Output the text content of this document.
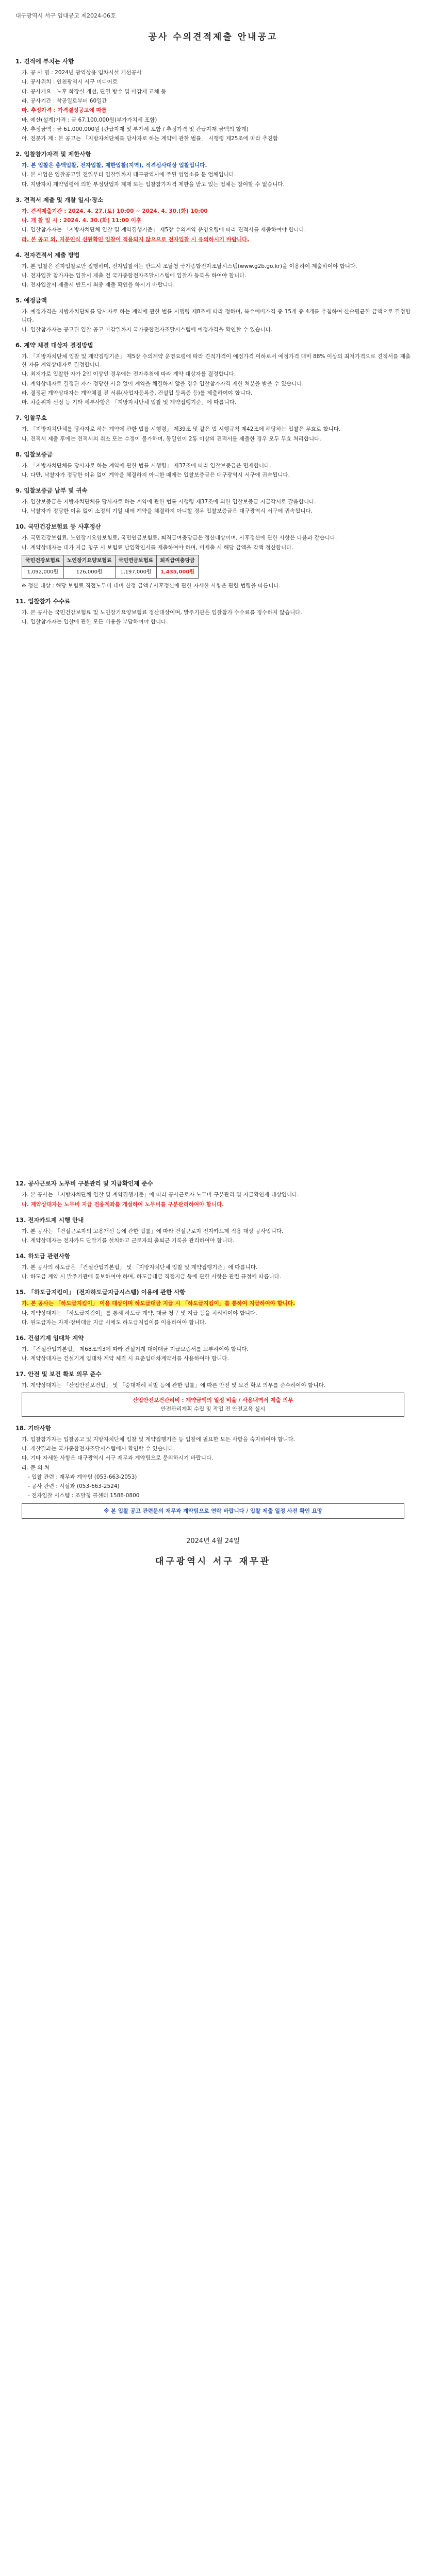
대구광역시 서구 임대공고 제2024-06호
공사 수의견적제출 안내공고
1. 견적에 부치는 사항
가. 공 사 명 : 2024년 광역상용 임차시설 개선공사
나. 공사위치 : 인천광역시 서구 미디어로
다. 공사개요 : 노후 화장실 개선, 단열 방수 및 마감재 교체 등
라. 공사기간 : 착공일로부터 60일간
마. 추정가격 : 가격결정공고에 따름
바. 예산(설계)가격 : 금 67,100,000원(부가가치세 포함)
사. 추정금액 : 금 61,000,000원 (관급자재 및 부가세 포함 / 추정가격 및 관급자재 금액의 합계)
아. 전문가 계 : 본 공고는 「지방자치단체를 당사자로 하는 계약에 관한 법률」 시행령 제25조에 따라 추진함
2. 입찰참가자격 및 제한사항
가. 본 입찰은 총액입찰, 전자입찰, 제한입찰(지역), 적격심사대상 입찰입니다.
나. 본 사업은 입찰공고일 전일부터 입찰일까지 대구광역시에 주된 영업소를 둔 업체입니다.
다. 지방자치 계약법령에 의한 부정당업자 제재 또는 입찰참가자격 제한을 받고 있는 업체는 참여할 수 없습니다.
3. 견적서 제출 및 개찰 일시·장소
가. 견적제출기간 : 2024. 4. 27.(토) 10:00 ~ 2024. 4. 30.(화) 10:00
나. 개 찰 일 시 : 2024. 4. 30.(화) 11:00 이후
다. 입찰참가자는 「지방자치단체 입찰 및 계약집행기준」 제5장 수의계약 운영요령에 따라 견적서를 제출하여야 합니다.
라. 본 공고 외, 지문인식 신원확인 입찰이 적용되지 않으므로 전자입찰 시 유의하시기 바랍니다.
4. 전자견적서 제출 방법
가. 본 입찰은 전자입찰로만 집행하며, 전자입찰서는 반드시 조달청 국가종합전자조달시스템(www.g2b.go.kr)을 이용하여 제출하여야 합니다.
나. 전자입찰 참가자는 입찰서 제출 전 국가종합전자조달시스템에 입찰자 등록을 하여야 합니다.
다. 전자입찰서 제출시 반드시 최종 제출 확인을 하시기 바랍니다.
5. 예정금액
가. 예정가격은 지방자치단체를 당사자로 하는 계약에 관한 법률 시행령 제8조에 따라 정하며, 복수예비가격 중 15개 중 4개를 추첨하여 산술평균한 금액으로 결정합니다.
나. 입찰참가자는 공고된 입찰 공고 마감일까지 국가종합전자조달시스템에 예정가격을 확인할 수 있습니다.
6. 계약 체결 대상자 결정방법
가. 「지방자치단체 입찰 및 계약집행기준」 제5장 수의계약 운영요령에 따라 견적가격이 예정가격 이하로서 예정가격 대비 88% 이상의 최저가격으로 견적서를 제출한 자를 계약상대자로 결정합니다.
나. 최저가로 입찰한 자가 2인 이상인 경우에는 전자추첨에 따라 계약 대상자를 결정합니다.
다. 계약상대자로 결정된 자가 정당한 사유 없이 계약을 체결하지 않을 경우 입찰참가자격 제한 처분을 받을 수 있습니다.
라. 결정된 계약상대자는 계약체결 전 서류(사업자등록증, 건설업 등록증 등)를 제출하여야 합니다.
마. 차순위자 선정 등 기타 세부사항은 「지방자치단체 입찰 및 계약집행기준」에 따릅니다.
7. 입찰무효
가. 「지방자치단체를 당사자로 하는 계약에 관한 법률 시행령」 제39조 및 같은 법 시행규칙 제42조에 해당하는 입찰은 무효로 합니다.
나. 견적서 제출 후에는 견적서의 취소 또는 수정이 불가하며, 동일인이 2통 이상의 견적서를 제출한 경우 모두 무효 처리합니다.
8. 입찰보증금
가. 「지방자치단체를 당사자로 하는 계약에 관한 법률 시행령」 제37조에 따라 입찰보증금은 면제합니다.
나. 다만, 낙찰자가 정당한 이유 없이 계약을 체결하지 아니한 때에는 입찰보증금은 대구광역시 서구에 귀속됩니다.
9. 입찰보증금 납부 및 귀속
가. 입찰보증금은 지방자치단체를 당사자로 하는 계약에 관한 법률 시행령 제37조에 의한 입찰보증금 지급각서로 갈음합니다.
나. 낙찰자가 정당한 이유 없이 소정의 기일 내에 계약을 체결하지 아니할 경우 입찰보증금은 대구광역시 서구에 귀속됩니다.
10. 국민건강보험료 등 사후정산
가. 국민건강보험료, 노인장기요양보험료, 국민연금보험료, 퇴직급여충당금은 정산대상이며, 사후정산에 관한 사항은 다음과 같습니다.
나. 계약상대자는 대가 지급 청구 시 보험료 납입확인서를 제출하여야 하며, 미제출 시 해당 금액을 감액 정산합니다.
국민건강보험료	노인장기요양보험료	국민연금보험료	퇴직급여충당금
1,092,000원	126,000원	1,197,000원	1,435,000원
※ 정산 대상 : 해당 보험료 직접노무비 대비 산정 금액 / 사후정산에 관한 자세한 사항은 관련 법령을 따릅니다.
11. 입찰참가 수수료
가. 본 공사는 국민건강보험료 및 노인장기요양보험료 정산대상이며, 발주기관은 입찰참가 수수료를 징수하지 않습니다.
나. 입찰참가자는 입찰에 관한 모든 비용을 부담하여야 합니다.
12. 공사근로자 노무비 구분관리 및 지급확인제 준수
가. 본 공사는 「지방자치단체 입찰 및 계약집행기준」에 따라 공사근로자 노무비 구분관리 및 지급확인제 대상입니다.
나. 계약상대자는 노무비 지급 전용계좌를 개설하여 노무비를 구분관리하여야 합니다.
13. 전자카드제 시행 안내
가. 본 공사는 「건설근로자의 고용개선 등에 관한 법률」에 따라 건설근로자 전자카드제 적용 대상 공사입니다.
나. 계약상대자는 전자카드 단말기를 설치하고 근로자의 출퇴근 기록을 관리하여야 합니다.
14. 하도급 관련사항
가. 본 공사의 하도급은 「건설산업기본법」 및 「지방자치단체 입찰 및 계약집행기준」에 따릅니다.
나. 하도급 계약 시 발주기관에 통보하여야 하며, 하도급대금 직접지급 등에 관한 사항은 관련 규정에 따릅니다.
15. 「하도급지킴이」 (전자하도급지급시스템) 이용에 관한 사항
가. 본 공사는 「하도급지킴이」 이용 대상이며 하도급대금 지급 시 「하도급지킴이」를 통하여 지급하여야 합니다.
나. 계약상대자는 「하도급지킴이」를 통해 하도급 계약, 대금 청구 및 지급 등을 처리하여야 합니다.
다. 원도급자는 자재·장비대금 지급 시에도 하도급지킴이를 이용하여야 합니다.
16. 건설기계 임대차 계약
가. 「건설산업기본법」 제68조의3에 따라 건설기계 대여대금 지급보증서를 교부하여야 합니다.
나. 계약상대자는 건설기계 임대차 계약 체결 시 표준임대차계약서를 사용하여야 합니다.
17. 안전 및 보건 확보 의무 준수
가. 계약상대자는 「산업안전보건법」 및 「중대재해 처벌 등에 관한 법률」에 따른 안전 및 보건 확보 의무를 준수하여야 합니다.
산업안전보건관리비 : 계약금액의 일정 비율 / 사용내역서 제출 의무
안전관리계획 수립 및 작업 전 안전교육 실시
18. 기타사항
가. 입찰참가자는 입찰공고 및 지방자치단체 입찰 및 계약집행기준 등 입찰에 필요한 모든 사항을 숙지하여야 합니다.
나. 개찰결과는 국가종합전자조달시스템에서 확인할 수 있습니다.
다. 기타 자세한 사항은 대구광역시 서구 재무과 계약팀으로 문의하시기 바랍니다.
라. 문 의 처
- 입찰 관련 : 재무과 계약팀 (053-663-2053)
- 공사 관련 : 시설과 (053-663-2524)
- 전자입찰 시스템 : 조달청 콜센터 1588-0800
※ 본 입찰 공고 관련문의 재무과 계약팀으로 연락 바랍니다 / 입찰 제출 일정 사전 확인 요망
2024년 4월 24일
대구광역시 서구 재무관
